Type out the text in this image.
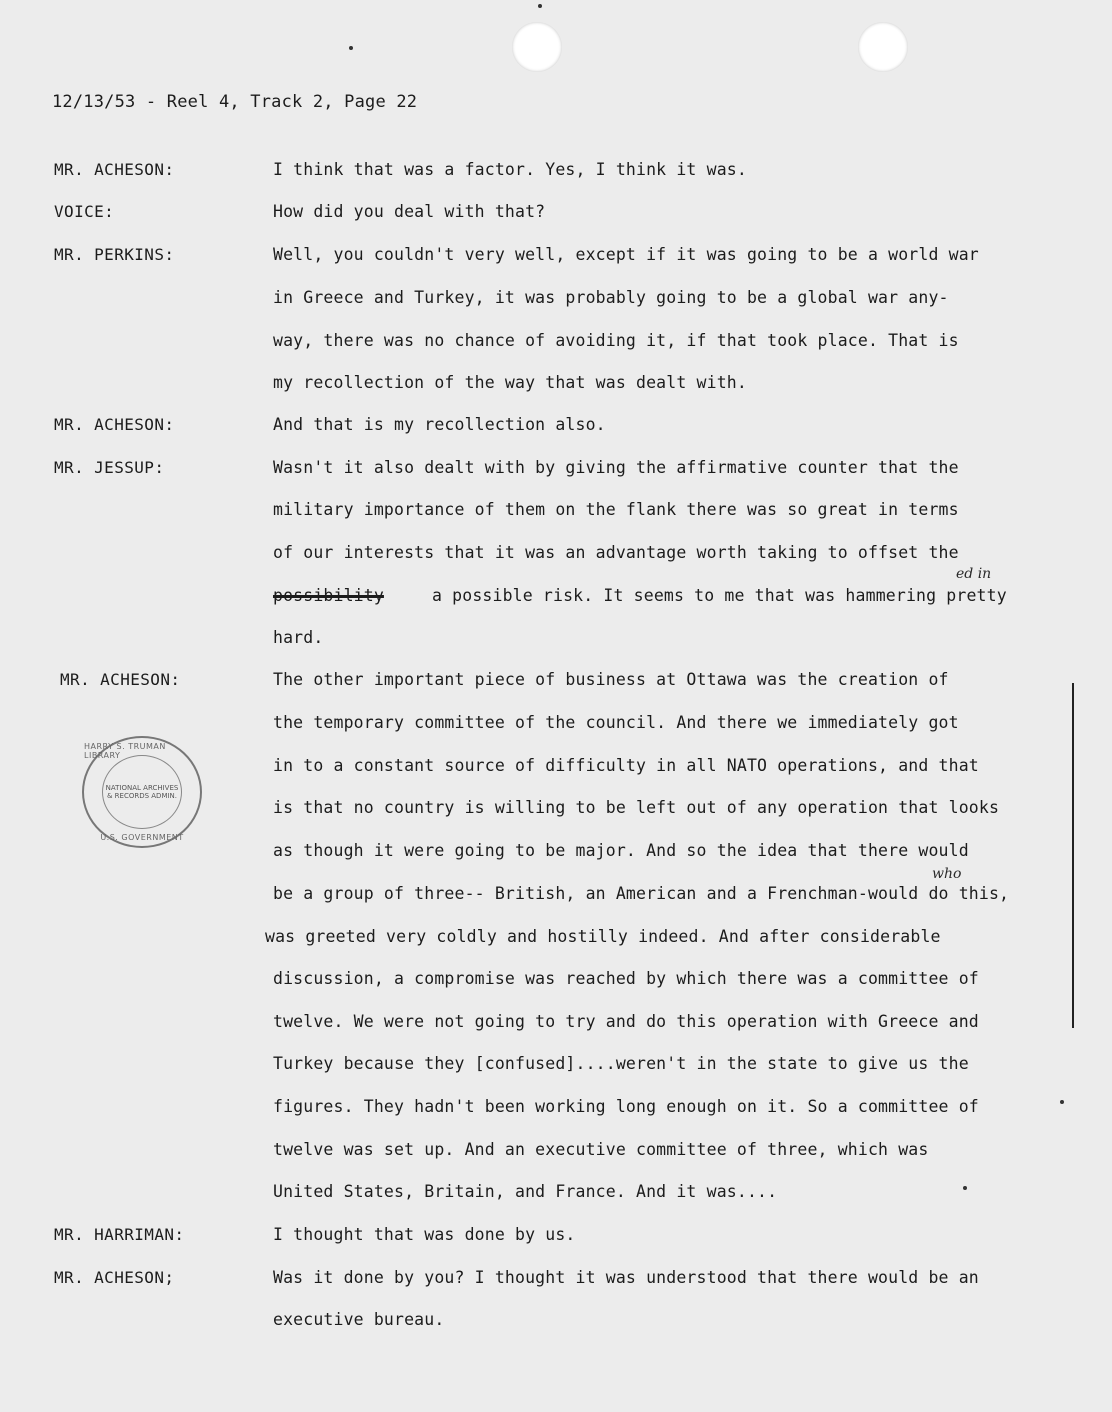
12/13/53 - Reel 4, Track 2, Page 22
MR. ACHESON:
VOICE:
MR. PERKINS:
MR. ACHESON:
MR. JESSUP:
MR. ACHESON:
MR. HARRIMAN:
MR. ACHESON;
I think that was a factor. Yes, I think it was.
How did you deal with that?
Well, you couldn't very well, except if it was going to be a world war
in Greece and Turkey, it was probably going to be a global war any-
way, there was no chance of avoiding it, if that took place. That is
my recollection of the way that was dealt with.
And that is my recollection also.
Wasn't it also dealt with by giving the affirmative counter that the
military importance of them on the flank there was so great in terms
of our interests that it was an advantage worth taking to offset the
possibility	a possible risk. It seems to me that was hammering pretty
ed in
hard.
The other important piece of business at Ottawa was the creation of
the temporary committee of the council. And there we immediately got
in to a constant source of difficulty in all NATO operations, and that
is that no country is willing to be left out of any operation that looks
as though it were going to be major. And so the idea that there would
who
be a group of three-- British, an American and a Frenchman-would do this,
was greeted very coldly and hostilly indeed. And after considerable
discussion, a compromise was reached by which there was a committee of
twelve. We were not going to try and do this operation with Greece and
Turkey because they [confused]....weren't in the state to give us the
figures. They hadn't been working long enough on it. So a committee of
twelve was set up. And an executive committee of three, which was
United States, Britain, and France. And it was....
I thought that was done by us.
Was it done by you? I thought it was understood that there would be an
executive bureau.
HARRY S. TRUMAN LIBRARY
NATIONAL ARCHIVES & RECORDS ADMIN.
U.S. GOVERNMENT
